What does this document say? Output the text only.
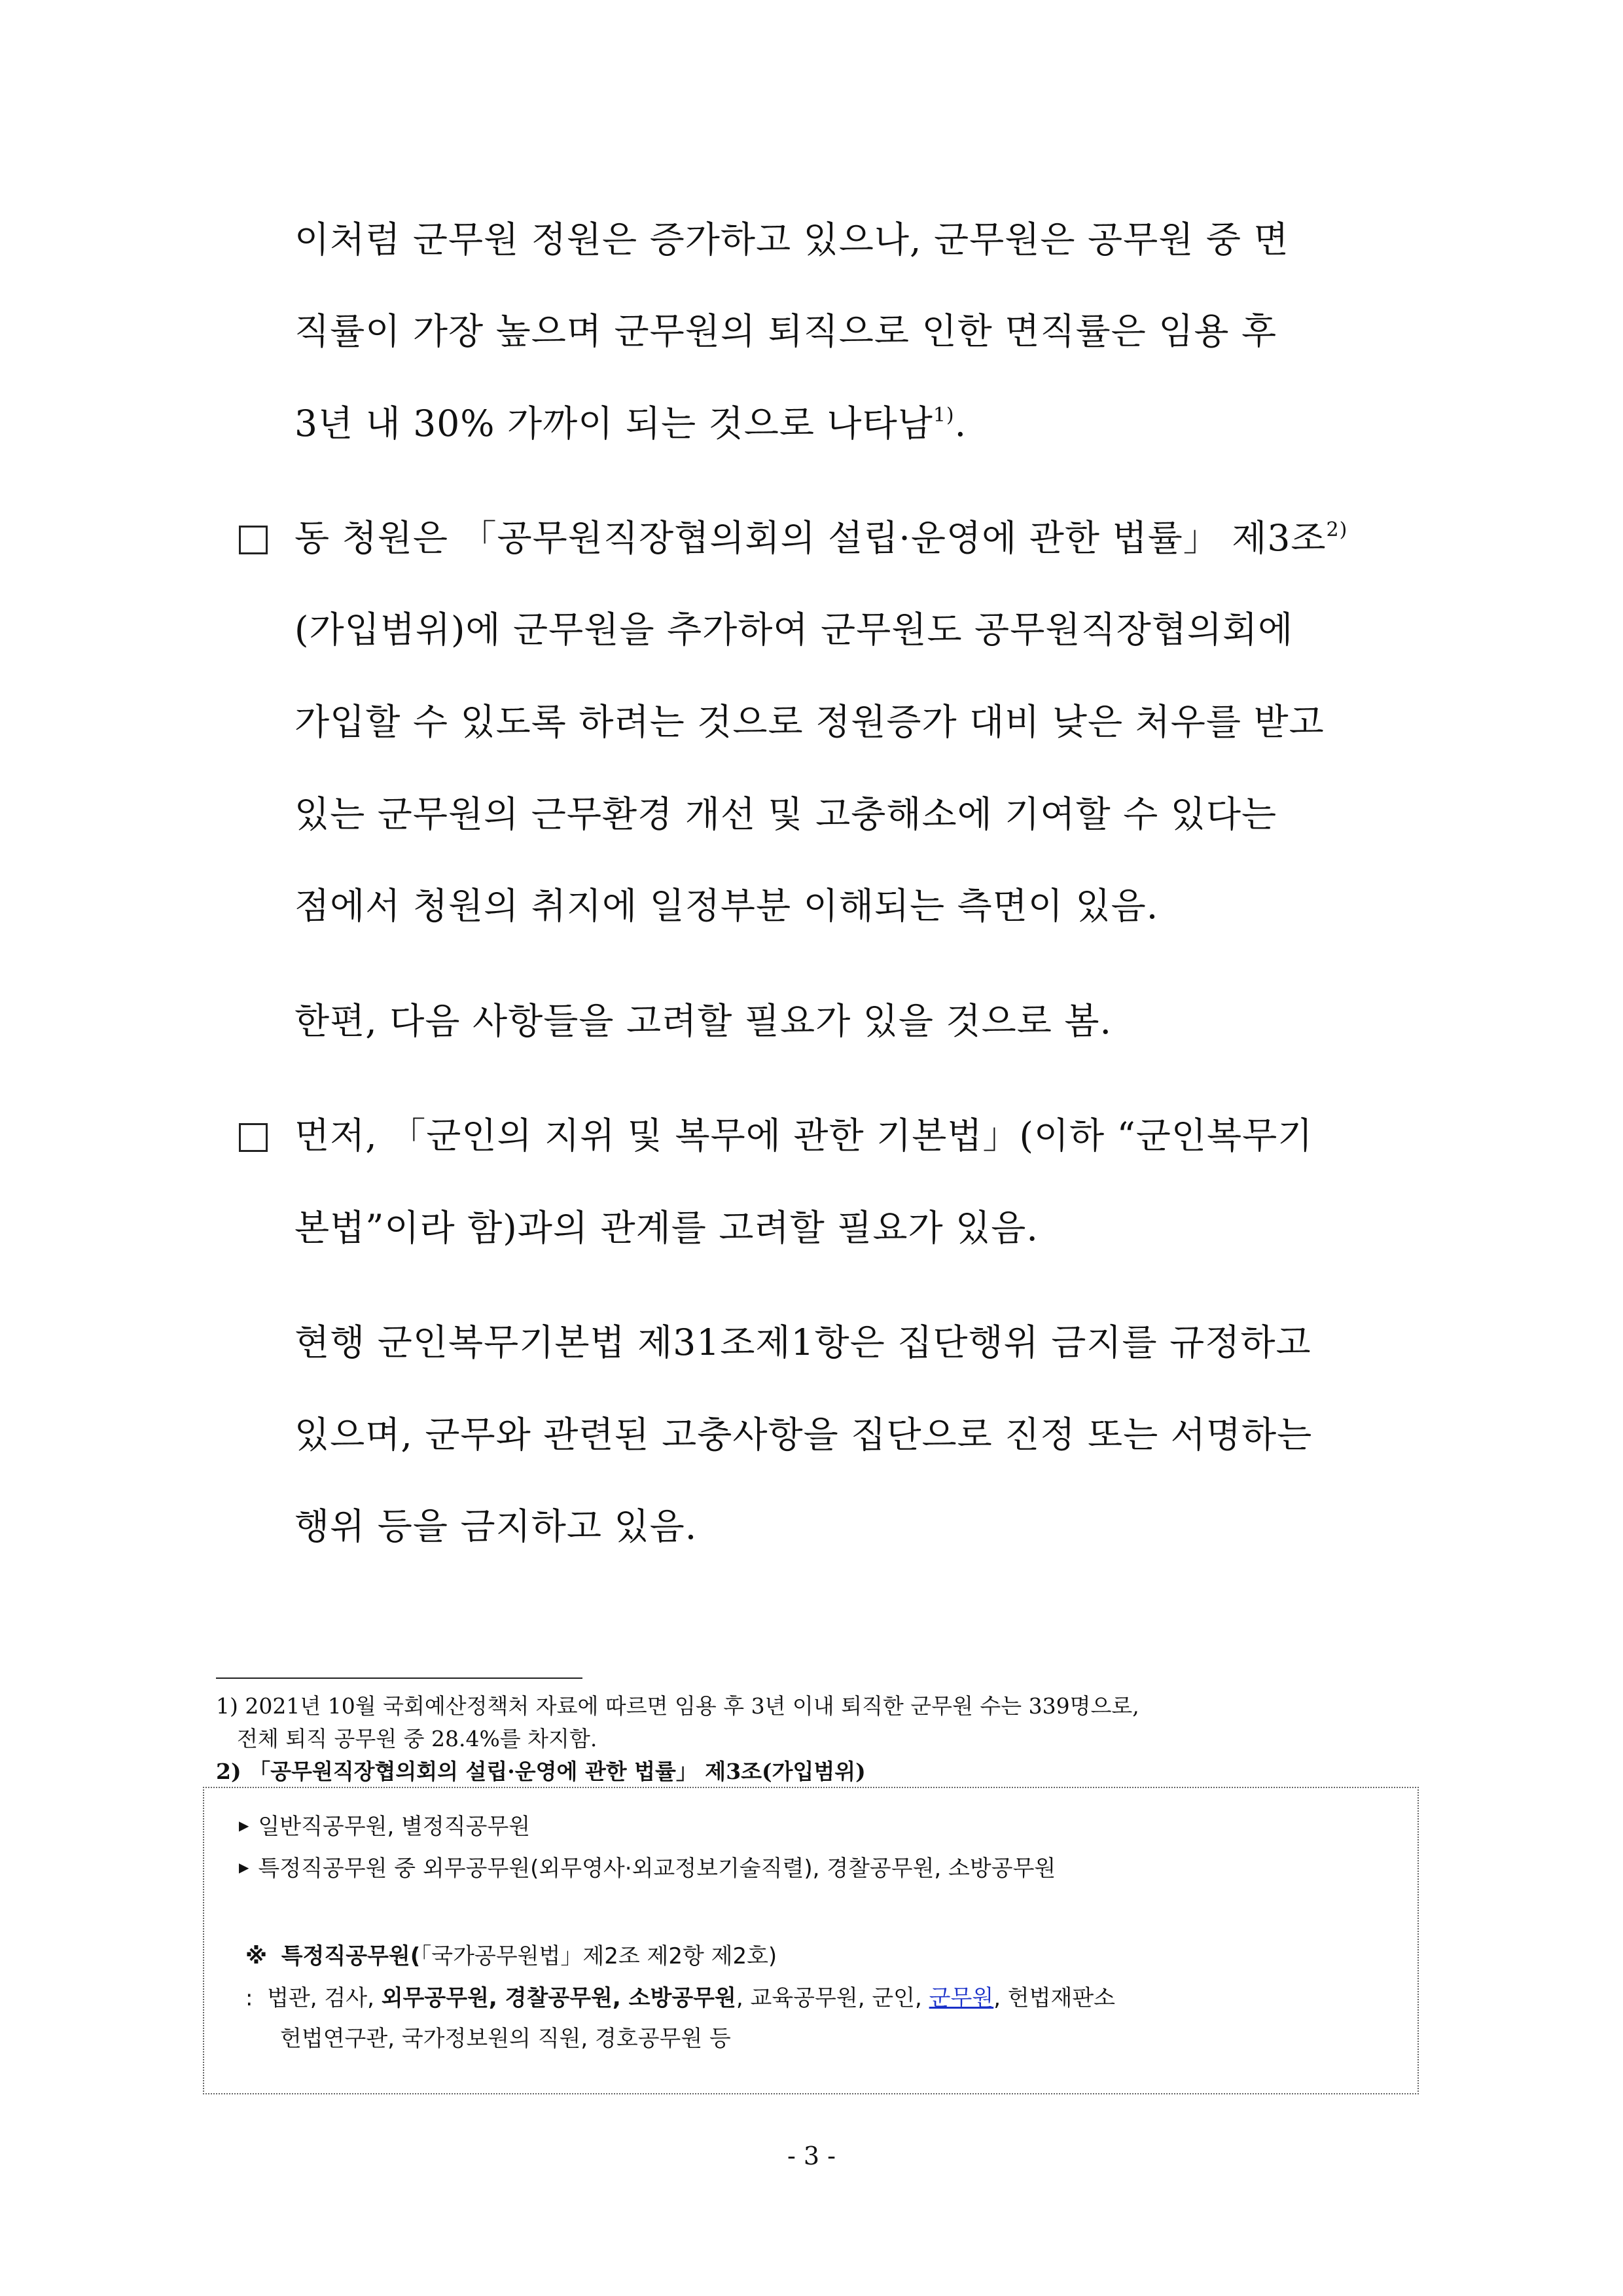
이처럼 군무원 정원은 증가하고 있으나, 군무원은 공무원 중 면
직률이 가장 높으며 군무원의 퇴직으로 인한 면직률은 임용 후
3년 내 30% 가까이 되는 것으로 나타남$^{1)}$.
동 청원은 「공무원직장협의회의 설립·운영에 관한 법률」 제3조$^{2)}$
(가입범위)에 군무원을 추가하여 군무원도 공무원직장협의회에
가입할 수 있도록 하려는 것으로 정원증가 대비 낮은 처우를 받고
있는 군무원의 근무환경 개선 및 고충해소에 기여할 수 있다는
점에서 청원의 취지에 일정부분 이해되는 측면이 있음.
한편, 다음 사항들을 고려할 필요가 있을 것으로 봄.
먼저, 「군인의 지위 및 복무에 관한 기본법」(이하 “군인복무기
본법”이라 함)과의 관계를 고려할 필요가 있음.
현행 군인복무기본법 제31조제1항은 집단행위 금지를 규정하고
있으며, 군무와 관련된 고충사항을 집단으로 진정 또는 서명하는
행위 등을 금지하고 있음.
1) 2021년 10월 국회예산정책처 자료에 따르면 임용 후 3년 이내 퇴직한 군무원 수는 339명으로,
전체 퇴직 공무원 중 28.4%를 차지함.
2) 「공무원직장협의회의 설립·운영에 관한 법률」 제3조(가입범위)
▶ 일반직공무원, 별정직공무원
▶ 특정직공무원 중 외무공무원(외무영사·외교정보기술직렬), 경찰공무원, 소방공무원
※ 특정직공무원(「국가공무원법」제2조 제2항 제2호)
: 법관, 검사, 외무공무원, 경찰공무원, 소방공무원, 교육공무원, 군인, 군무원, 헌법재판소
헌법연구관, 국가정보원의 직원, 경호공무원 등
- 3 -
